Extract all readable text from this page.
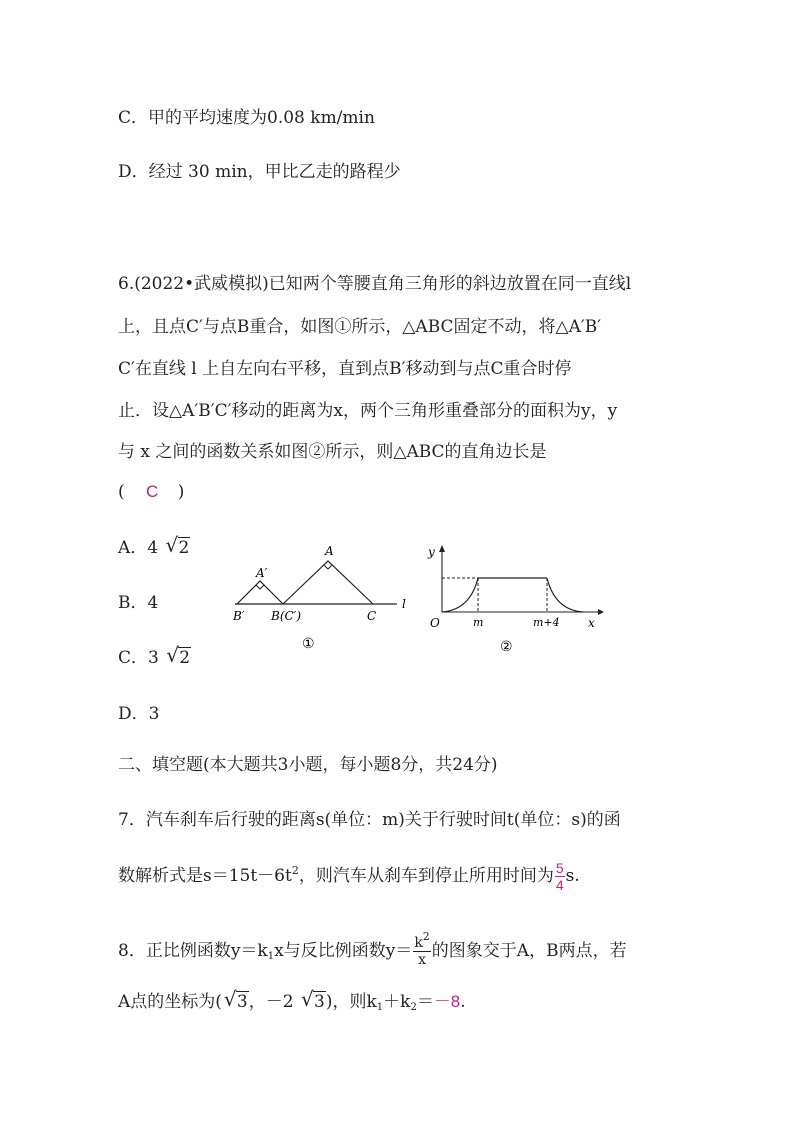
C．甲的平均速度为0.08 km/min
D．经过 30 min，甲比乙走的路程少
6.(2022•武威模拟)已知两个等腰直角三角形的斜边放置在同一直线l
上，且点C′与点B重合，如图①所示，△ABC固定不动，将△A′B′
C′在直线 l 上自左向右平移，直到点B′移动到与点C重合时停
止．设△A′B′C′移动的距离为x，两个三角形重叠部分的面积为y，y
与 x 之间的函数关系如图②所示，则△ABC的直角边长是
( C )
A．4 √ 2
B．4
C．3 √ 2
D．3
A
A′
B′ B(C′)	C
l
①
y
x
O	m	m+4
②
二、填空题(本大题共3小题，每小题8分，共24分)
7．汽车刹车后行驶的距离s(单位：m)关于行驶时间t(单位：s)的函
数解析式是$s=15t-6t^2$，则汽车从刹车到停止所用时间为 $\frac{5}{4} s$.
8．正比例函数$y=k_1x$与反比例函数$y= \frac{k^2}{x}$ 的图象交于A，B两点，若
A点的坐标为( √ 3，－2 √ 3)，则$k_1+k_2=-8$.
